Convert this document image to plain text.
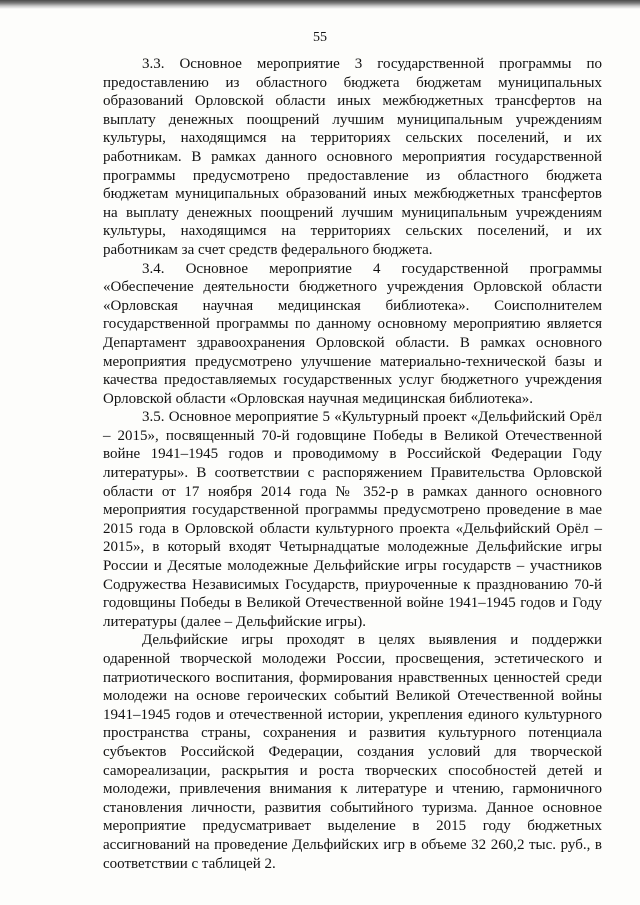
55

3.3. Основное мероприятие 3 государственной программы по предоставлению из областного бюджета бюджетам муниципальных образований Орловской области иных межбюджетных трансфертов на выплату денежных поощрений лучшим муниципальным учреждениям культуры, находящимся на территориях сельских поселений, и их работникам. В рамках данного основного мероприятия государственной программы предусмотрено предоставление из областного бюджета бюджетам муниципальных образований иных межбюджетных трансфертов на выплату денежных поощрений лучшим муниципальным учреждениям культуры, находящимся на территориях сельских поселений, и их работникам за счет средств федерального бюджета.

3.4. Основное мероприятие 4 государственной программы «Обеспечение деятельности бюджетного учреждения Орловской области «Орловская научная медицинская библиотека». Соисполнителем государственной программы по данному основному мероприятию является Департамент здравоохранения Орловской области. В рамках основного мероприятия предусмотрено улучшение материально-технической базы и качества предоставляемых государственных услуг бюджетного учреждения Орловской области «Орловская научная медицинская библиотека».

3.5. Основное мероприятие 5 «Культурный проект «Дельфийский Орёл – 2015», посвященный 70-й годовщине Победы в Великой Отечественной войне 1941–1945 годов и проводимому в Российской Федерации Году литературы». В соответствии с распоряжением Правительства Орловской области от 17 ноября 2014 года № 352-р в рамках данного основного мероприятия государственной программы предусмотрено проведение в мае 2015 года в Орловской области культурного проекта «Дельфийский Орёл – 2015», в который входят Четырнадцатые молодежные Дельфийские игры России и Десятые молодежные Дельфийские игры государств – участников Содружества Независимых Государств, приуроченные к празднованию 70-й годовщины Победы в Великой Отечественной войне 1941–1945 годов и Году литературы (далее – Дельфийские игры).

Дельфийские игры проходят в целях выявления и поддержки одаренной творческой молодежи России, просвещения, эстетического и патриотического воспитания, формирования нравственных ценностей среди молодежи на основе героических событий Великой Отечественной войны 1941–1945 годов и отечественной истории, укрепления единого культурного пространства страны, сохранения и развития культурного потенциала субъектов Российской Федерации, создания условий для творческой самореализации, раскрытия и роста творческих способностей детей и молодежи, привлечения внимания к литературе и чтению, гармоничного становления личности, развития событийного туризма. Данное основное мероприятие предусматривает выделение в 2015 году бюджетных ассигнований на проведение Дельфийских игр в объеме 32 260,2 тыс. руб., в соответствии с таблицей 2.
